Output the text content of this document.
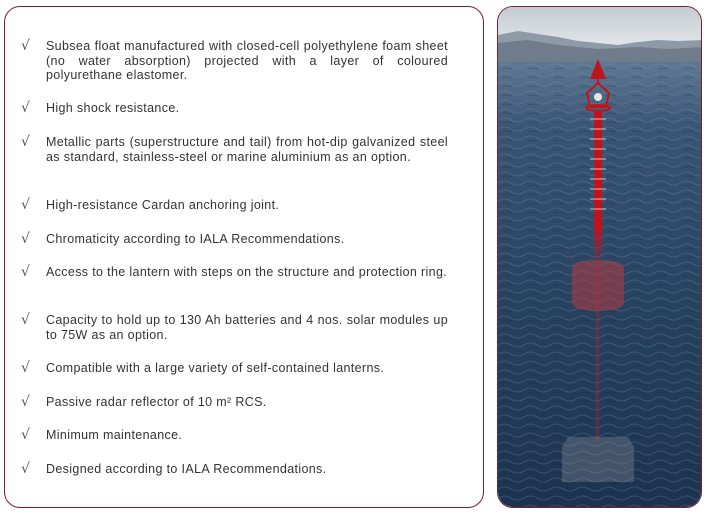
√ Subsea float manufactured with closed-cell polyethylene foam sheet (no water absorption) projected with a layer of coloured polyurethane elastomer.
√ High shock resistance.
√ Metallic parts (superstructure and tail) from hot-dip galvanized steel as standard, stainless-steel or marine aluminium as an option.
√ High-resistance Cardan anchoring joint.
√ Chromaticity according to IALA Recommendations.
√ Access to the lantern with steps on the structure and protection ring.
√ Capacity to hold up to 130 Ah batteries and 4 nos. solar modules up to 75W as an option.
√ Compatible with a large variety of self-contained lanterns.
√ Passive radar reflector of 10 m² RCS.
√ Minimum maintenance.
√ Designed according to IALA Recommendations.
